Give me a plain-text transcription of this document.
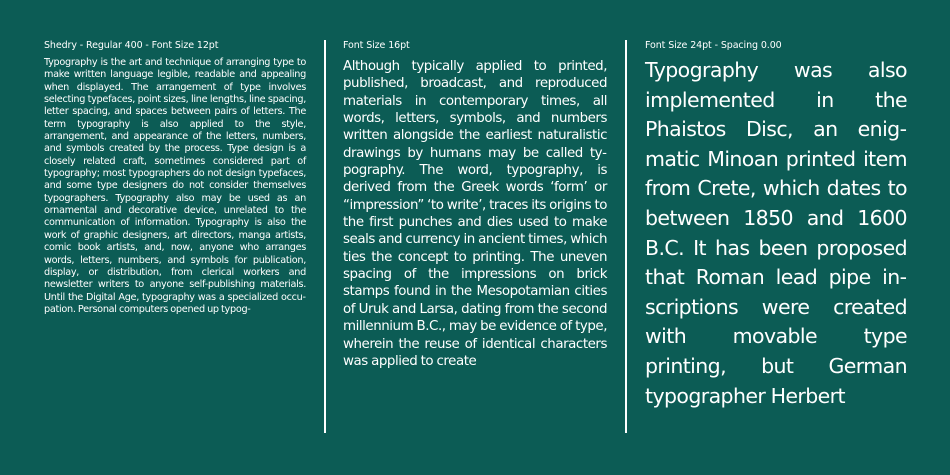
Shedry - Regular 400 - Font Size 12pt
Typography is the art and technique of arranging type to make written language legible, readable and appealing when displayed. The arrangement of type involves selecting typefaces, point sizes, line lengths, line spacing, letter spacing, and spaces between pairs of letters. The term typography is also applied to the style, arrangement, and appearance of the letters, numbers, and symbols created by the process. Type design is a closely related craft, sometimes considered part of typography; most typographers do not design typefaces, and some type designers do not consider themselves typographers. Typography also may be used as an ornamental and decorative device, unrelated to the communication of information. Typography is also the work of graphic designers, art directors, manga artists, comic book artists, and, now, anyone who arranges words, letters, numbers, and symbols for publication, display, or distribution, from clerical workers and newsletter writers to anyone self-publishing materials. Until the Digital Age, typography was a specialized occupation. Personal computers opened up typog-
Font Size 16pt
Although typically applied to printed, published, broadcast, and reproduced materials in contemporary times, all words, letters, symbols, and numbers written alongside the earliest naturalistic drawings by humans may be called typography. The word, typography, is derived from the Greek words ‘form’ or “impression” ‘to write’, traces its origins to the first punches and dies used to make seals and currency in ancient times, which ties the concept to printing. The uneven spacing of the impressions on brick stamps found in the Mesopotamian cities of Uruk and Larsa, dating from the second millennium B.C., may be evidence of type, wherein the reuse of identical characters was applied to create
Font Size 24pt - Spacing 0.00
Typography was also implemented in the Phaistos Disc, an enigmatic Minoan printed item from Crete, which dates to between 1850 and 1600 B.C. It has been proposed that Roman lead pipe inscriptions were created with movable type printing, but German typographer Herbert
